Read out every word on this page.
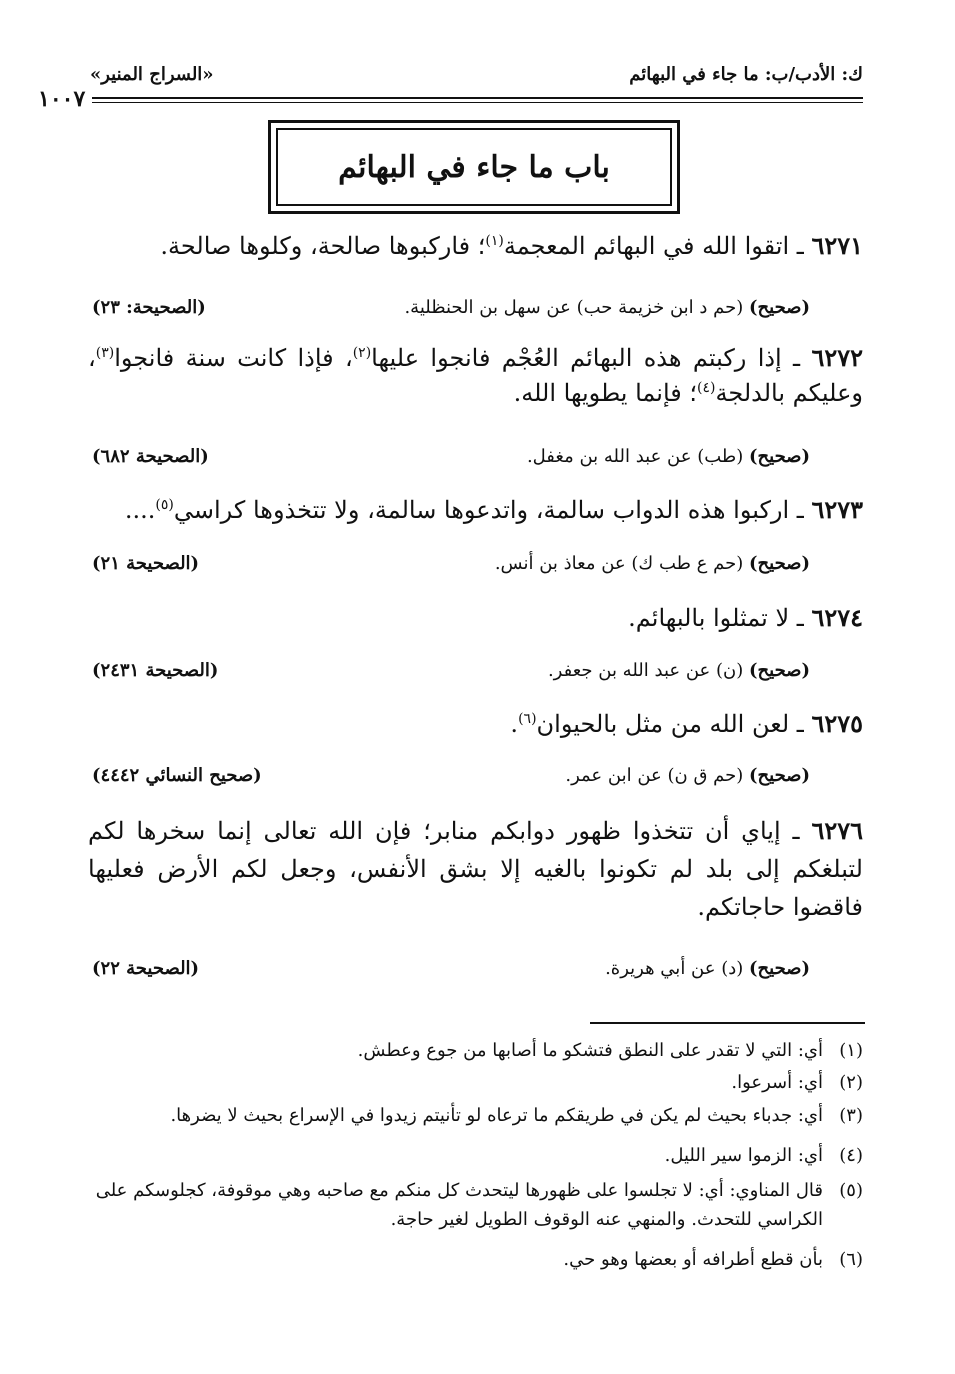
ك: الأدب/ب: ما جاء في البهائم
«السراج المنير»
١٠٠٧
باب ما جاء في البهائم
٦٢٧١ ـ اتقوا الله في البهائم المعجمة$^{(١)}$؛ فاركبوها صالحة، وكلوها صالحة.
(صحيح) (حم د ابن خزيمة حب) عن سهل بن الحنظلية.
(الصحيحة: ٢٣)
٦٢٧٢ ـ إذا ركبتم هذه البهائم العُجْم فانجوا عليها$^{(٢)}$، فإذا كانت سنة فانجوا$^{(٣)}$، وعليكم بالدلجة$^{(٤)}$؛ فإنما يطويها الله.
(صحيح) (طب) عن عبد الله بن مغفل.
(الصحيحة ٦٨٢)
٦٢٧٣ ـ اركبوا هذه الدواب سالمة، واتدعوها سالمة، ولا تتخذوها كراسي$^{(٥)}$....
(صحيح) (حم ع طب ك) عن معاذ بن أنس.
(الصحيحة ٢١)
٦٢٧٤ ـ لا تمثلوا بالبهائم.
(صحيح) (ن) عن عبد الله بن جعفر.
(الصحيحة ٢٤٣١)
٦٢٧٥ ـ لعن الله من مثل بالحيوان$^{(٦)}$.
(صحيح) (حم ق ن) عن ابن عمر.
(صحيح النسائي ٤٤٤٢)
٦٢٧٦ ـ إياي أن تتخذوا ظهور دوابكم منابر؛ فإن الله تعالى إنما سخرها لكم لتبلغكم إلى بلد لم تكونوا بالغيه إلا بشق الأنفس، وجعل لكم الأرض فعليها فاقضوا حاجاتكم.
(صحيح) (د) عن أبي هريرة.
(الصحيحة ٢٢)
(١)
أي: التي لا تقدر على النطق فتشكو ما أصابها من جوع وعطش.
(٢)
أي: أسرعوا.
(٣)
أي: جدباء بحيث لم يكن في طريقكم ما ترعاه لو تأنيتم زيدوا في الإسراع بحيث لا يضرها.
(٤)
أي: الزموا سير الليل.
(٥)
قال المناوي: أي: لا تجلسوا على ظهورها ليتحدث كل منكم مع صاحبه وهي موقوفة، كجلوسكم على الكراسي للتحدث. والمنهي عنه الوقوف الطويل لغير حاجة.
(٦)
بأن قطع أطرافه أو بعضها وهو حي.
